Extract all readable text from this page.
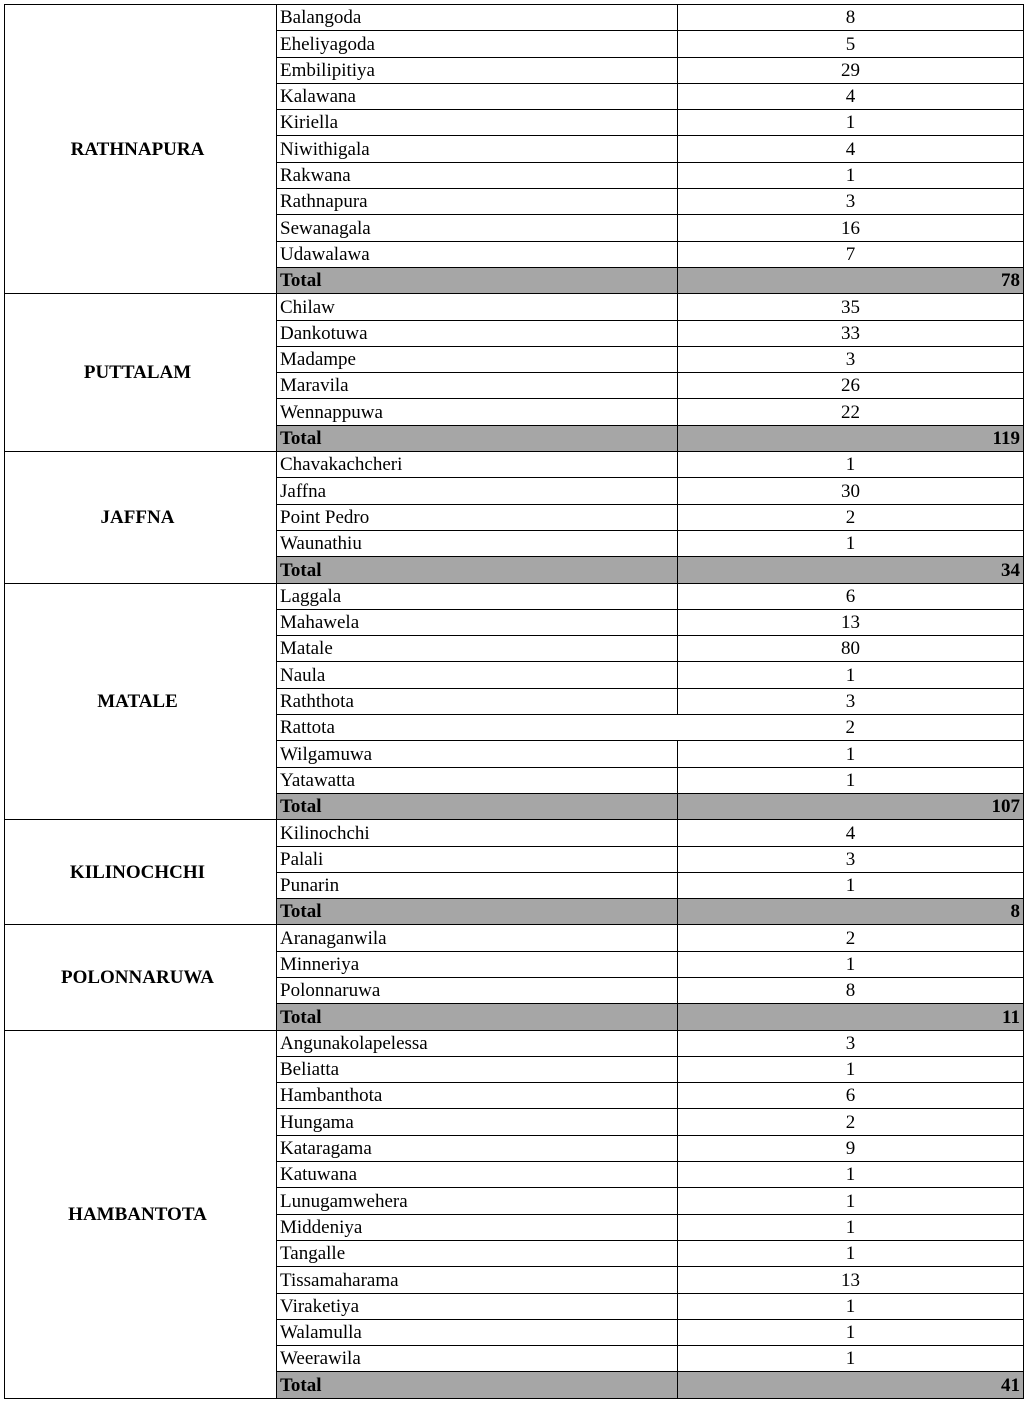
RATHNAPURA	Balangoda	8
	Eheliyagoda	5
	Embilipitiya	29
	Kalawana	4
	Kiriella	1
	Niwithigala	4
	Rakwana	1
	Rathnapura	3
	Sewanagala	16
	Udawalawa	7
	Total	78
PUTTALAM	Chilaw	35
	Dankotuwa	33
	Madampe	3
	Maravila	26
	Wennappuwa	22
	Total	119
JAFFNA	Chavakachcheri	1
	Jaffna	30
	Point Pedro	2
	Waunathiu	1
	Total	34
MATALE	Laggala	6
	Mahawela	13
	Matale	80
	Naula	1
	Raththota	3
	Rattota	2
	Wilgamuwa	1
	Yatawatta	1
	Total	107
KILINOCHCHI	Kilinochchi	4
	Palali	3
	Punarin	1
	Total	8
POLONNARUWA	Aranaganwila	2
	Minneriya	1
	Polonnaruwa	8
	Total	11
HAMBANTOTA	Angunakolapelessa	3
	Beliatta	1
	Hambanthota	6
	Hungama	2
	Kataragama	9
	Katuwana	1
	Lunugamwehera	1
	Middeniya	1
	Tangalle	1
	Tissamaharama	13
	Viraketiya	1
	Walamulla	1
	Weerawila	1
	Total	41
